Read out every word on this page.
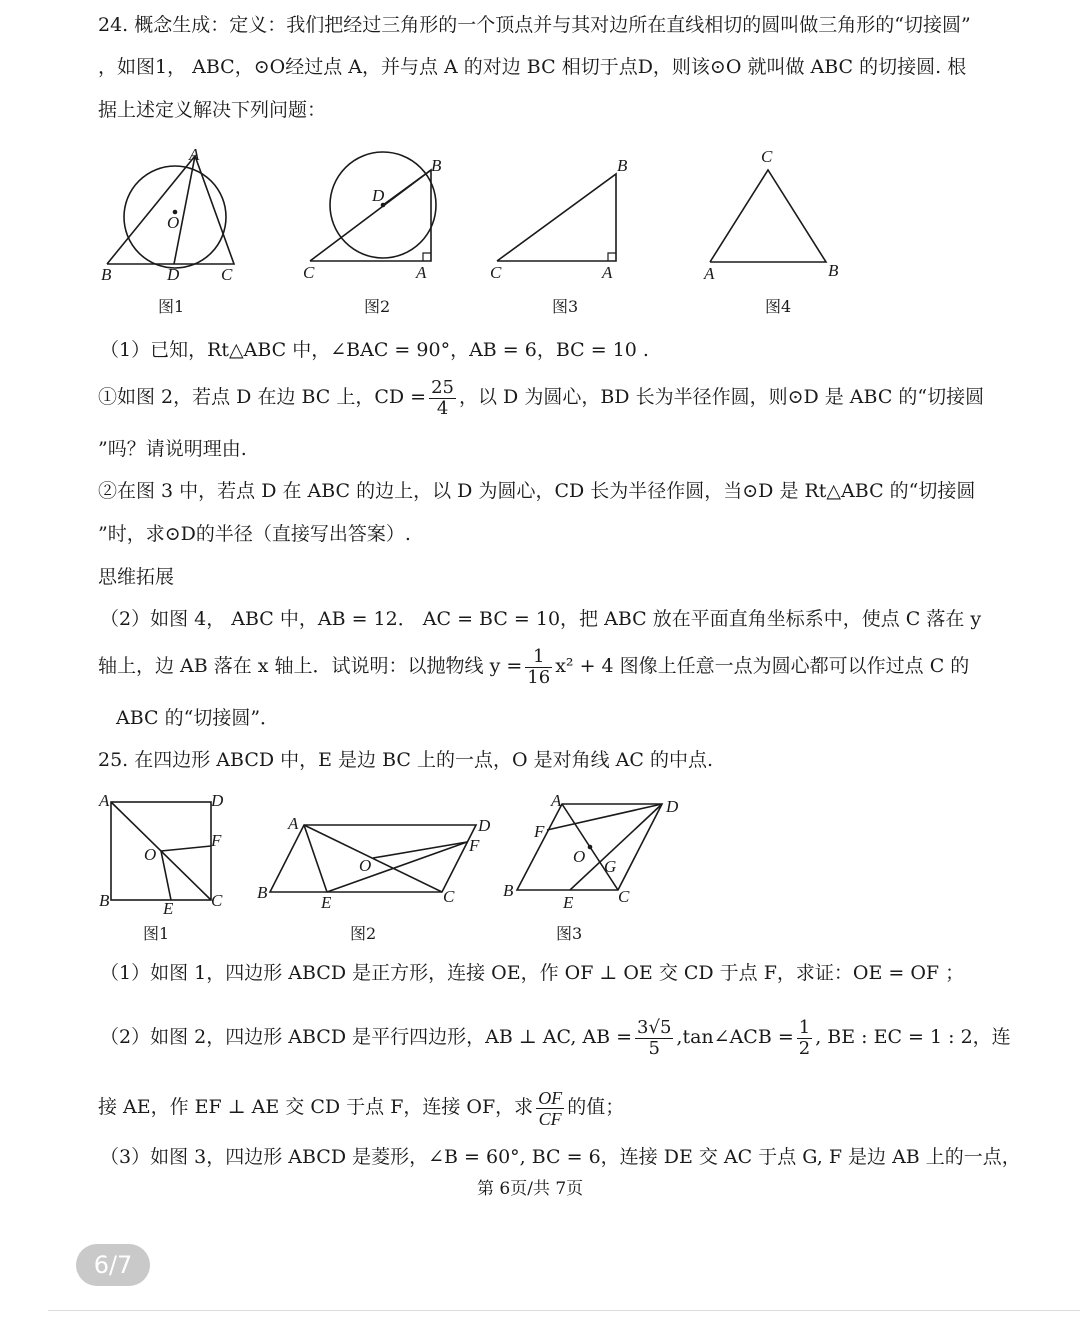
24. 概念生成：定义：我们把经过三角形的一个顶点并与其对边所在直线相切的圆叫做三角形的“切接圆”
，如图1， ABC，⊙O经过点 A，并与点 A 的对边 BC 相切于点D，则该⊙O 就叫做 ABC 的切接圆. 根
据上述定义解决下列问题：
A
O
B	D C
图1
D
B
C	A
图2
B
C	A
图3
C
A	B
图4
（1）已知，Rt△ABC 中，∠BAC = 90°，AB = 6，BC = 10 .
①如图 2，若点 D 在边 BC 上，CD = $\frac{25}{4}$ ，以 D 为圆心，BD 长为半径作圆，则⊙D 是 ABC 的“切接圆
”吗？请说明理由.
②在图 3 中，若点 D 在 ABC 的边上，以 D 为圆心，CD 长为半径作圆，当⊙D 是 Rt△ABC 的“切接圆
”时，求⊙D的半径（直接写出答案）.
思维拓展
（2）如图 4， ABC 中，AB = 12． AC = BC = 10，把 ABC 放在平面直角坐标系中，使点 C 落在 y
轴上，边 AB 落在 x 轴上．试说明：以抛物线 $y = \frac{1}{16} x^2 + 4$ 图像上任意一点为圆心都可以作过点 C 的
ABC 的“切接圆”．
25. 在四边形 ABCD 中，E 是边 BC 上的一点，O 是对角线 AC 的中点.
A	D
F
O
B	E C
图1
A	D
F
O
B
E	C
图2
A	D
F
O
G
B
E	C
图3
（1）如图 1，四边形 ABCD 是正方形，连接 OE，作 OF ⊥ OE 交 CD 于点 F，求证：OE = OF ；
（2）如图 2，四边形 ABCD 是平行四边形，AB ⊥ AC, AB = $\frac{3√5}{5}$ ,tan∠ACB = $\frac{1}{2}$ , BE : EC = 1 : 2，连
接 AE，作 EF ⊥ AE 交 CD 于点 F，连接 OF，求 $\frac{OF}{CF}$ 的值；
（3）如图 3，四边形 ABCD 是菱形，∠B = 60°, BC = 6，连接 DE 交 AC 于点 G, F 是边 AB 上的一点，
第 6页/共 7页
6/7
